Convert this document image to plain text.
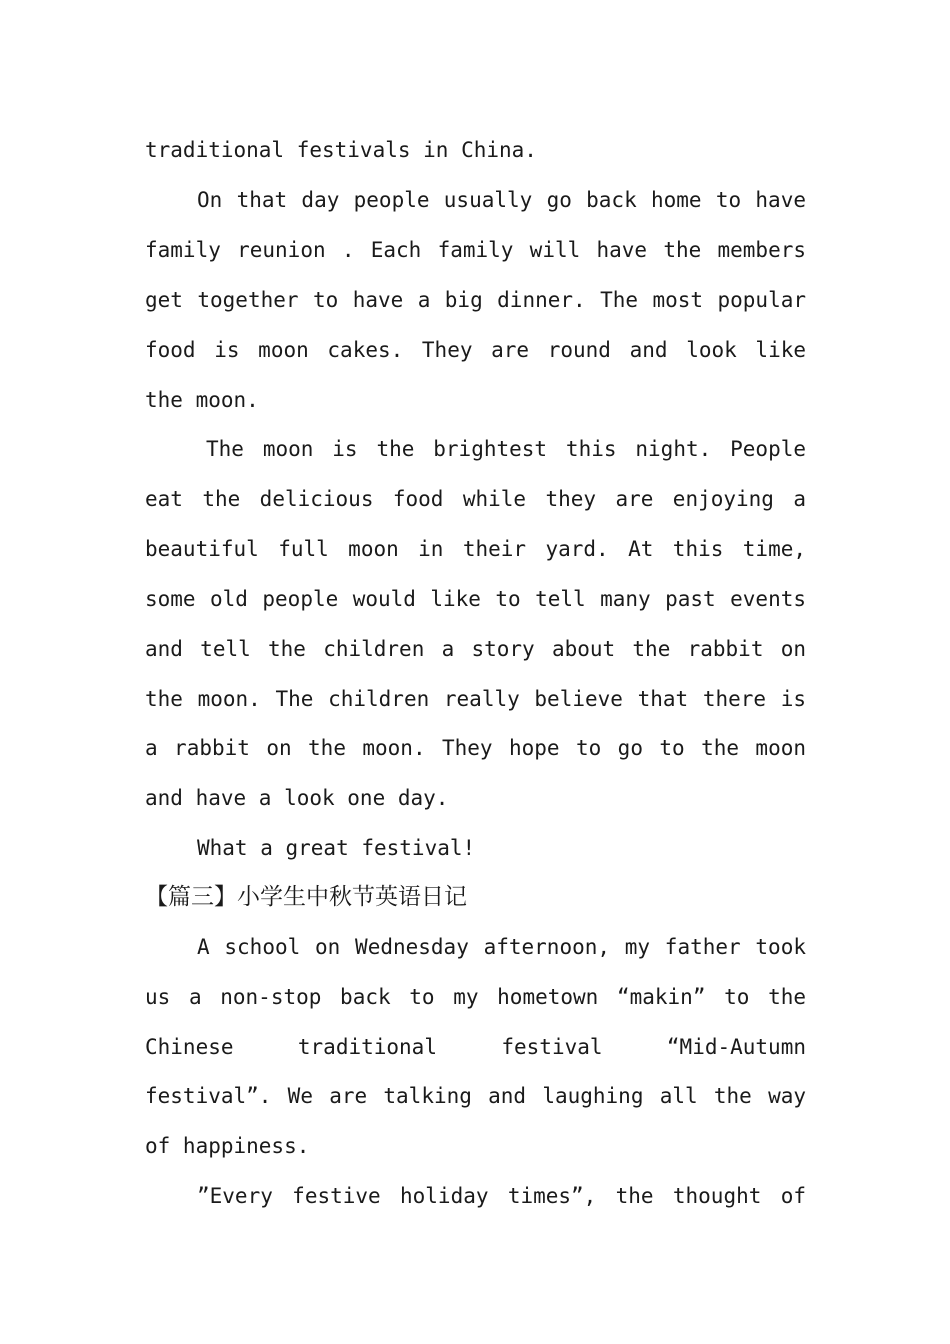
traditional festivals in China.
On that day people usually go back home to have
family reunion . Each family will have the members
get together to have a big dinner. The most popular
food is moon cakes. They are round and look like
the moon.
The moon is the brightest this night. People
eat the delicious food while they are enjoying a
beautiful full moon in their yard. At this time,
some old people would like to tell many past events
and tell the children a story about the rabbit on
the moon. The children really believe that there is
a rabbit on the moon. They hope to go to the moon
and have a look one day.
What a great festival!
【篇三】小学生中秋节英语日记
A school on Wednesday afternoon, my father took
us a non-stop back to my hometown “makin” to the
Chinese traditional festival “Mid-Autumn
festival”. We are talking and laughing all the way
of happiness.
”Every festive holiday times”, the thought of
